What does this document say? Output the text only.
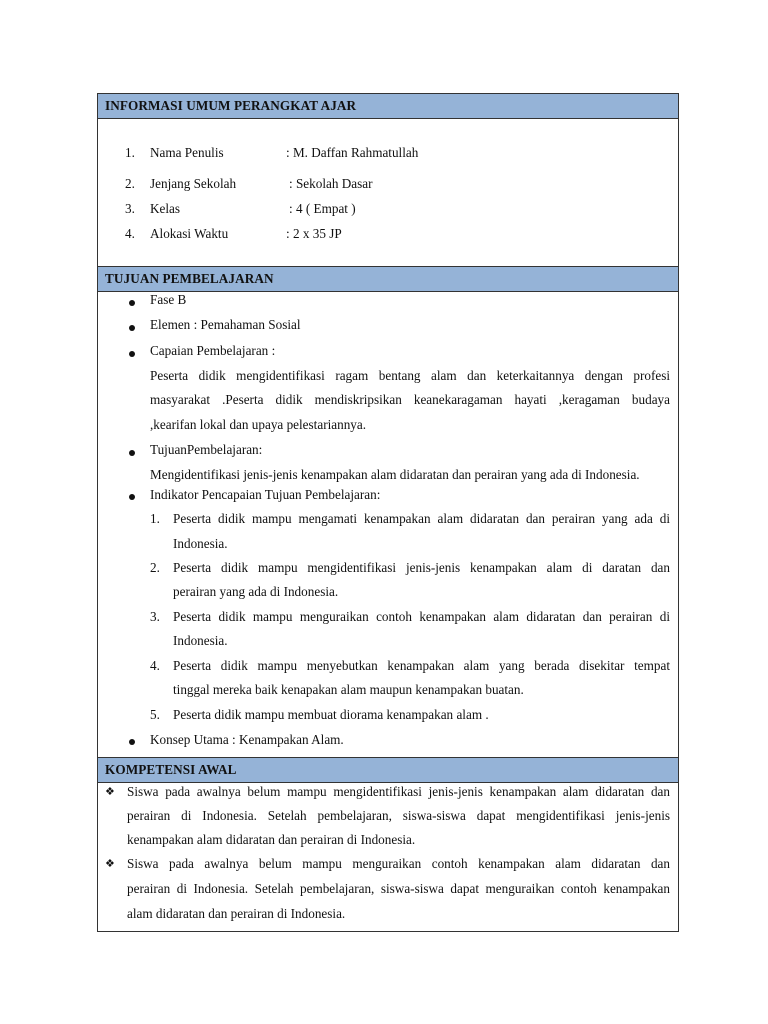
INFORMASI UMUM PERANGKAT AJAR
1. Nama Penulis	: M. Daffan Rahmatullah
2. Jenjang Sekolah	: Sekolah Dasar
3. Kelas	: 4 ( Empat )
4. Alokasi Waktu	: 2 x 35 JP
TUJUAN PEMBELAJARAN
Fase B
Elemen : Pemahaman Sosial
Capaian Pembelajaran :
Peserta didik mengidentifikasi ragam bentang alam dan keterkaitannya dengan profesi
masyarakat .Peserta didik mendiskripsikan keanekaragaman hayati ,keragaman budaya
,kearifan lokal dan upaya pelestariannya.
TujuanPembelajaran:
Mengidentifikasi jenis-jenis kenampakan alam didaratan dan perairan yang ada di Indonesia.
Indikator Pencapaian Tujuan Pembelajaran:
1. Peserta didik mampu mengamati kenampakan alam didaratan dan perairan yang ada di
Indonesia.
2. Peserta didik mampu mengidentifikasi jenis-jenis kenampakan alam di daratan dan
perairan yang ada di Indonesia.
3. Peserta didik mampu menguraikan contoh kenampakan alam didaratan dan perairan di
Indonesia.
4. Peserta didik mampu menyebutkan kenampakan alam yang berada disekitar tempat
tinggal mereka baik kenapakan alam maupun kenampakan buatan.
5. Peserta didik mampu membuat diorama kenampakan alam .
Konsep Utama : Kenampakan Alam.
KOMPETENSI AWAL
❖ Siswa pada awalnya belum mampu mengidentifikasi jenis-jenis kenampakan alam didaratan dan
perairan di Indonesia. Setelah pembelajaran, siswa-siswa dapat mengidentifikasi jenis-jenis
kenampakan alam didaratan dan perairan di Indonesia.
❖ Siswa pada awalnya belum mampu menguraikan contoh kenampakan alam didaratan dan
perairan di Indonesia. Setelah pembelajaran, siswa-siswa dapat menguraikan contoh kenampakan
alam didaratan dan perairan di Indonesia.
